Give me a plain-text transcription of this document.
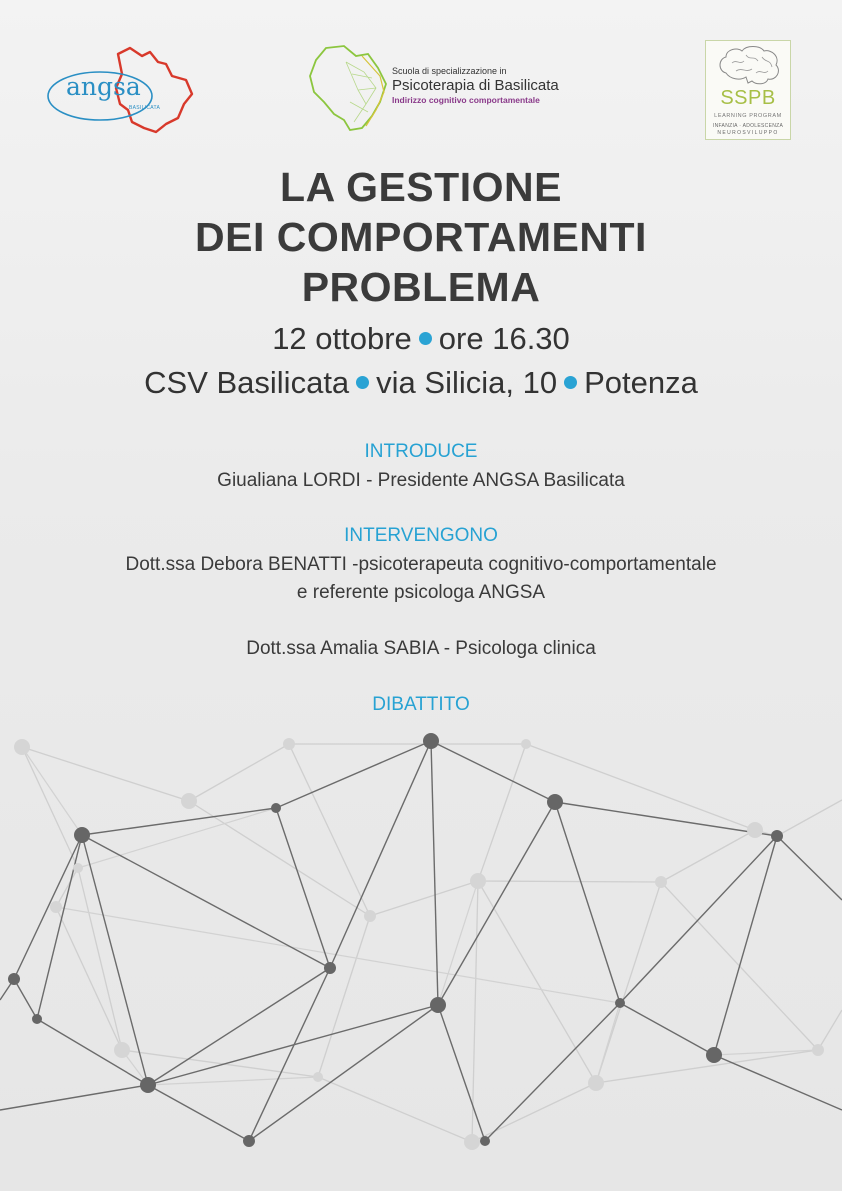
angsa
BASILICATA
Scuola di specializzazione in
Psicoterapia di Basilicata
Indirizzo cognitivo comportamentale	SSPB
LEARNING PROGRAM
INFANZIA · ADOLESCENZA
NEUROSVILUPPO
LA GESTIONE
DEI COMPORTAMENTI
PROBLEMA
12 ottobre ore 16.30
CSV Basilicata via Silicia, 10 Potenza
INTRODUCE
Giualiana LORDI - Presidente ANGSA Basilicata
INTERVENGONO
Dott.ssa Debora BENATTI -psicoterapeuta cognitivo-comportamentale
e referente psicologa ANGSA
Dott.ssa Amalia SABIA - Psicologa clinica
DIBATTITO
